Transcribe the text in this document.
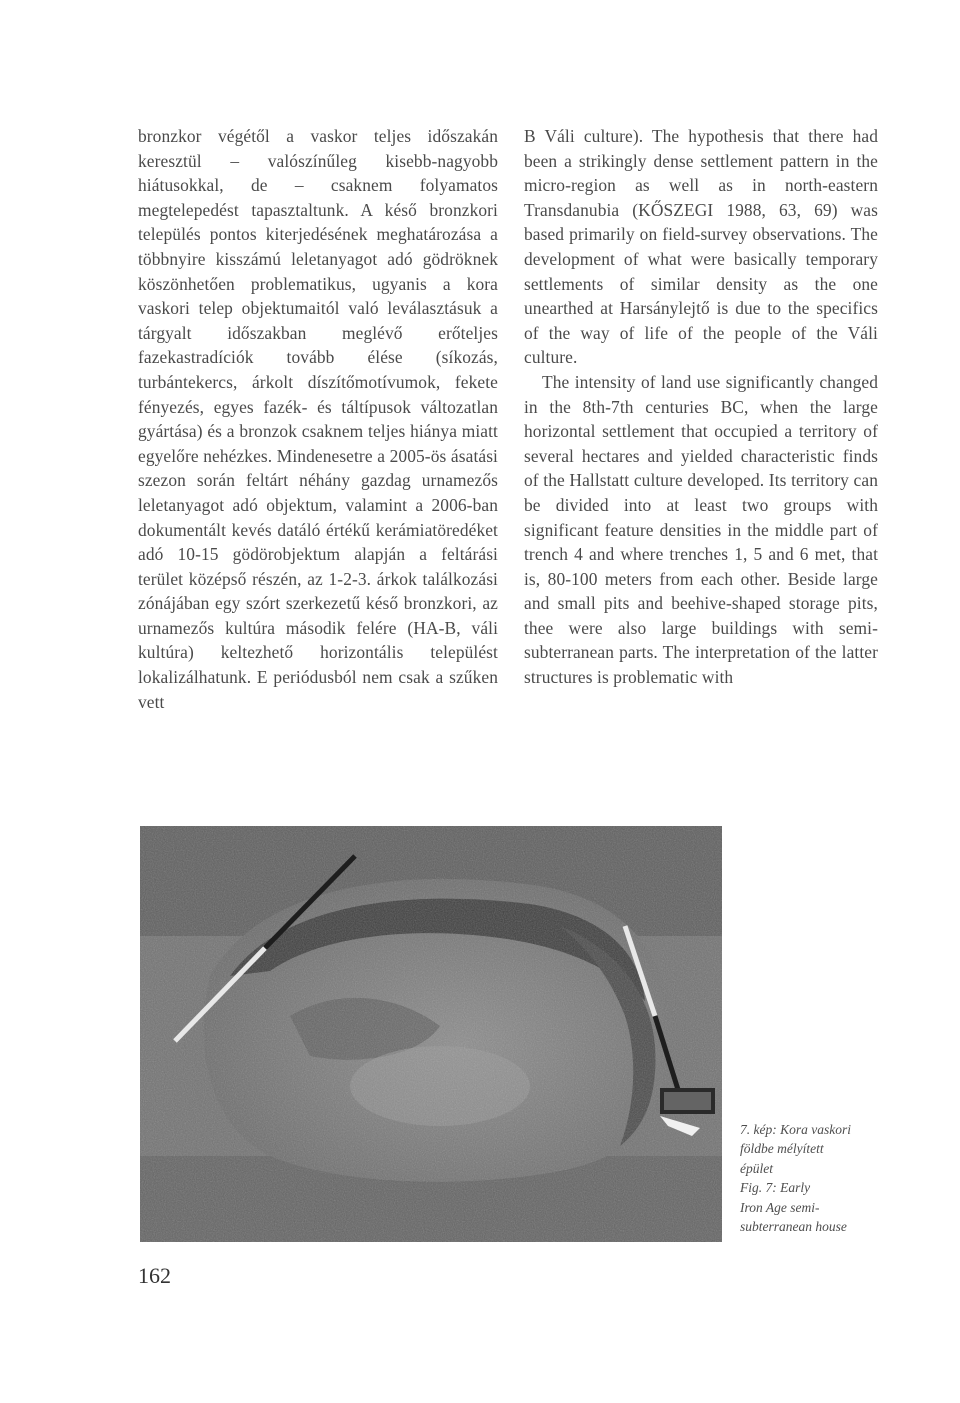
bronzkor végétől a vaskor teljes időszakán keresztül – valószínűleg kisebb-nagyobb hiátusokkal, de – csaknem folyamatos megtelepedést tapasztaltunk. A késő bronzkori település pontos kiterjedésének meghatározása a többnyire kisszámú leletanyagot adó gödröknek köszönhetően problematikus, ugyanis a kora vaskori telep objektumaitól való leválasztásuk a tárgyalt időszakban meglévő erőteljes fazekastradíciók tovább élése (síkozás, turbántekercs, árkolt díszítőmotívumok, fekete fényezés, egyes fazék- és táltípusok változatlan gyártása) és a bronzok csaknem teljes hiánya miatt egyelőre nehézkes. Mindenesetre a 2005-ös ásatási szezon során feltárt néhány gazdag urnamezős leletanyagot adó objektum, valamint a 2006-ban dokumentált kevés datáló értékű kerámiatöredéket adó 10-15 gödörobjektum alapján a feltárási terület középső részén, az 1-2-3. árkok találkozási zónájában egy szórt szerkezetű késő bronzkori, az urnamezős kultúra második felére (HA-B, váli kultúra) keltezhető horizontális települést lokalizálhatunk. E periódusból nem csak a szűken vett

B Váli culture). The hypothesis that there had been a strikingly dense settlement pattern in the micro-region as well as in north-eastern Transdanubia (KŐSZEGI 1988, 63, 69) was based primarily on field-survey observations. The development of what were basically temporary settlements of similar density as the one unearthed at Harsánylejtő is due to the specifics of the way of life of the people of the Váli culture.

The intensity of land use significantly changed in the 8th-7th centuries BC, when the large horizontal settlement that occupied a territory of several hectares and yielded characteristic finds of the Hallstatt culture developed. Its territory can be divided into at least two groups with significant feature densities in the middle part of trench 4 and where trenches 1, 5 and 6 met, that is, 80-100 meters from each other. Beside large and small pits and beehive-shaped storage pits, thee were also large buildings with semi-subterranean parts. The interpretation of the latter structures is problematic with

7. kép: Kora vaskori
földbe mélyített
épület
Fig. 7: Early
Iron Age semi-
subterranean house
162
